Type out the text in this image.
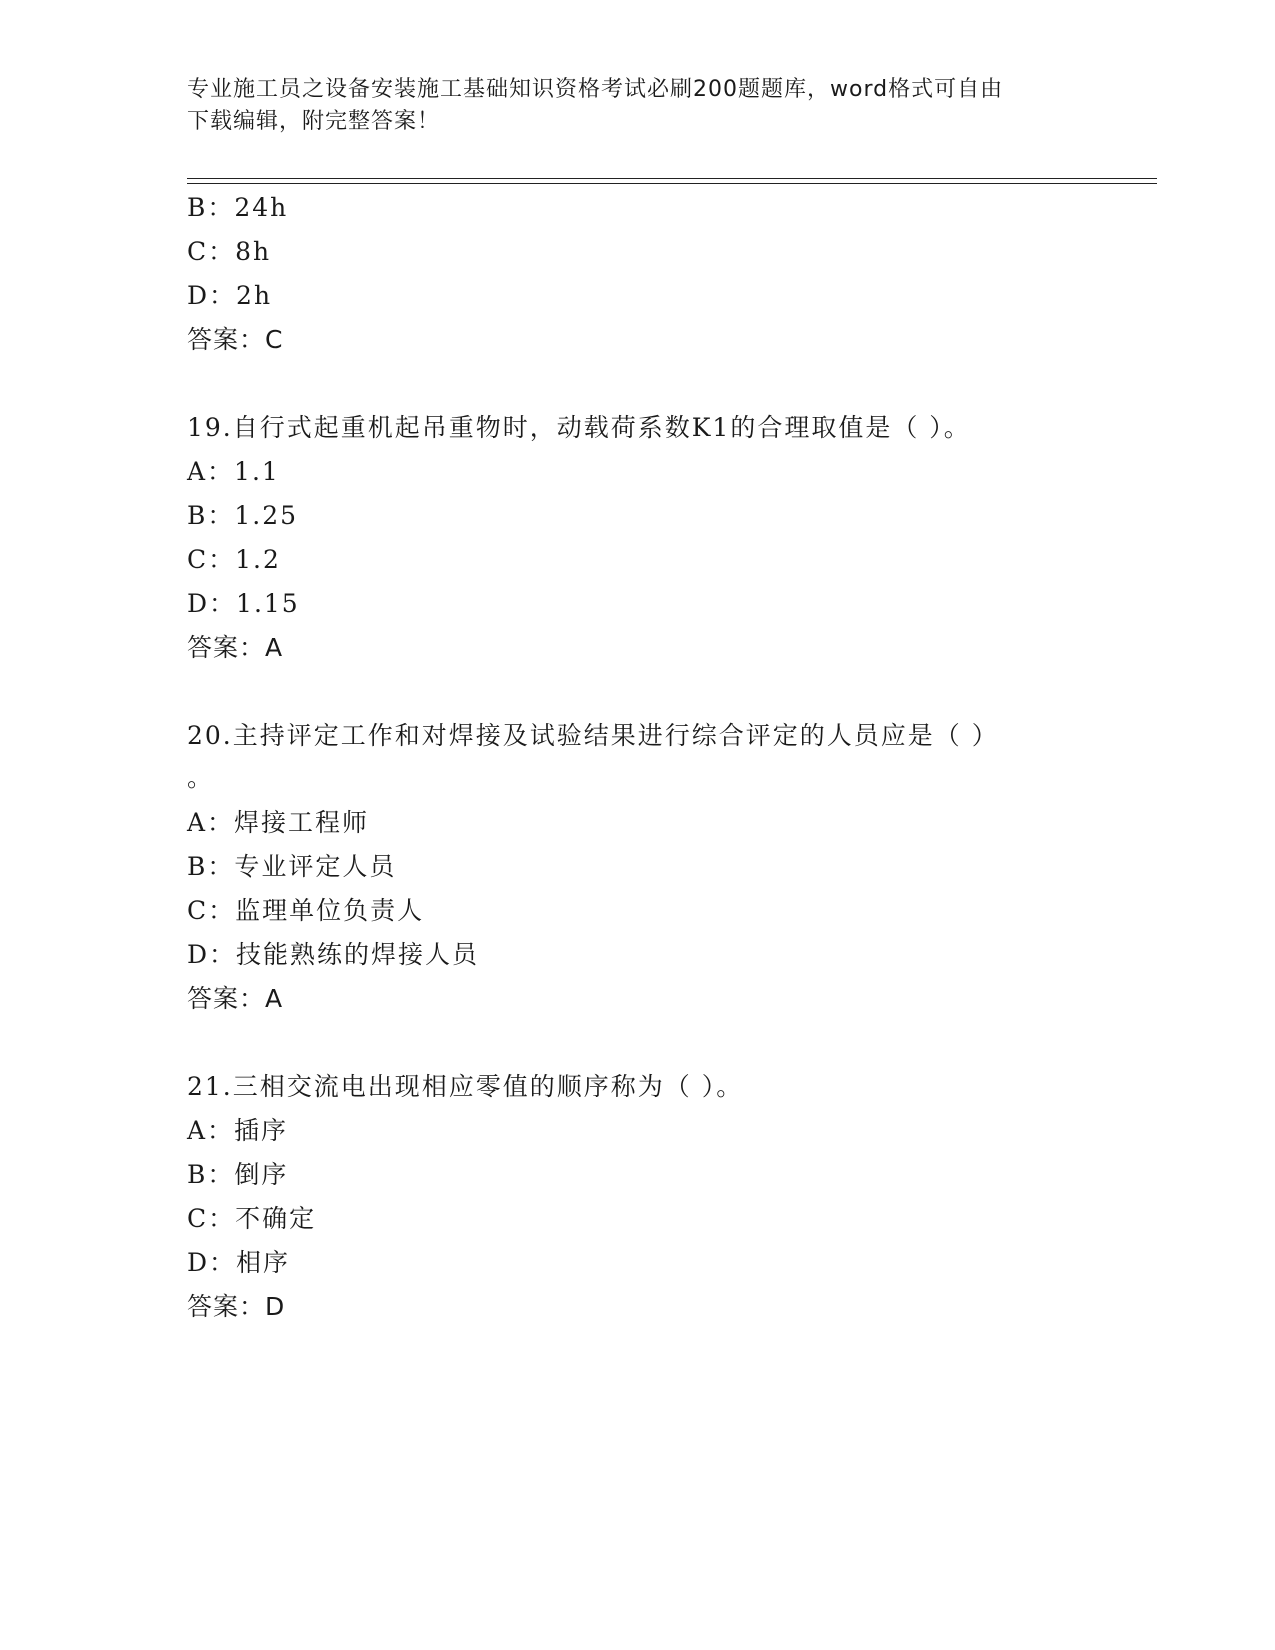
专业施工员之设备安装施工基础知识资格考试必刷200题题库，word格式可自由
下载编辑，附完整答案！
B：24h
C：8h
D：2h
答案：C
19.自行式起重机起吊重物时，动载荷系数K1的合理取值是（ ）。
A：1.1
B：1.25
C：1.2
D：1.15
答案：A
20.主持评定工作和对焊接及试验结果进行综合评定的人员应是（ ）
。
A：焊接工程师
B：专业评定人员
C：监理单位负责人
D：技能熟练的焊接人员
答案：A
21.三相交流电出现相应零值的顺序称为（ ）。
A：插序
B：倒序
C：不确定
D：相序
答案：D
